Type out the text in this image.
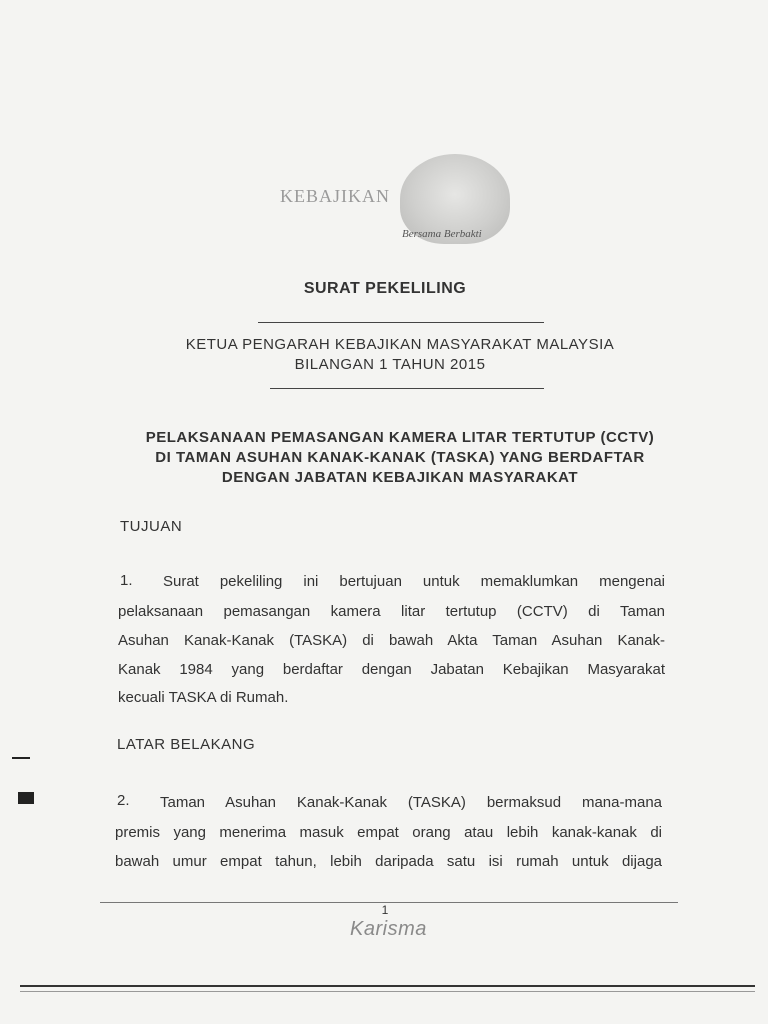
KEBAJIKAN
Bersama Berbakti
SURAT PEKELILING
KETUA PENGARAH KEBAJIKAN MASYARAKAT MALAYSIA
BILANGAN 1 TAHUN 2015
PELAKSANAAN PEMASANGAN KAMERA LITAR TERTUTUP (CCTV)
DI TAMAN ASUHAN KANAK-KANAK (TASKA) YANG BERDAFTAR
DENGAN JABATAN KEBAJIKAN MASYARAKAT
TUJUAN
1. Surat pekeliling ini bertujuan untuk memaklumkan mengenai
pelaksanaan pemasangan kamera litar tertutup (CCTV) di Taman
Asuhan Kanak-Kanak (TASKA) di bawah Akta Taman Asuhan Kanak-
Kanak 1984 yang berdaftar dengan Jabatan Kebajikan Masyarakat
kecuali TASKA di Rumah.
LATAR BELAKANG
2. Taman Asuhan Kanak-Kanak (TASKA) bermaksud mana-mana
premis yang menerima masuk empat orang atau lebih kanak-kanak di
bawah umur empat tahun, lebih daripada satu isi rumah untuk dijaga
1
Karisma
